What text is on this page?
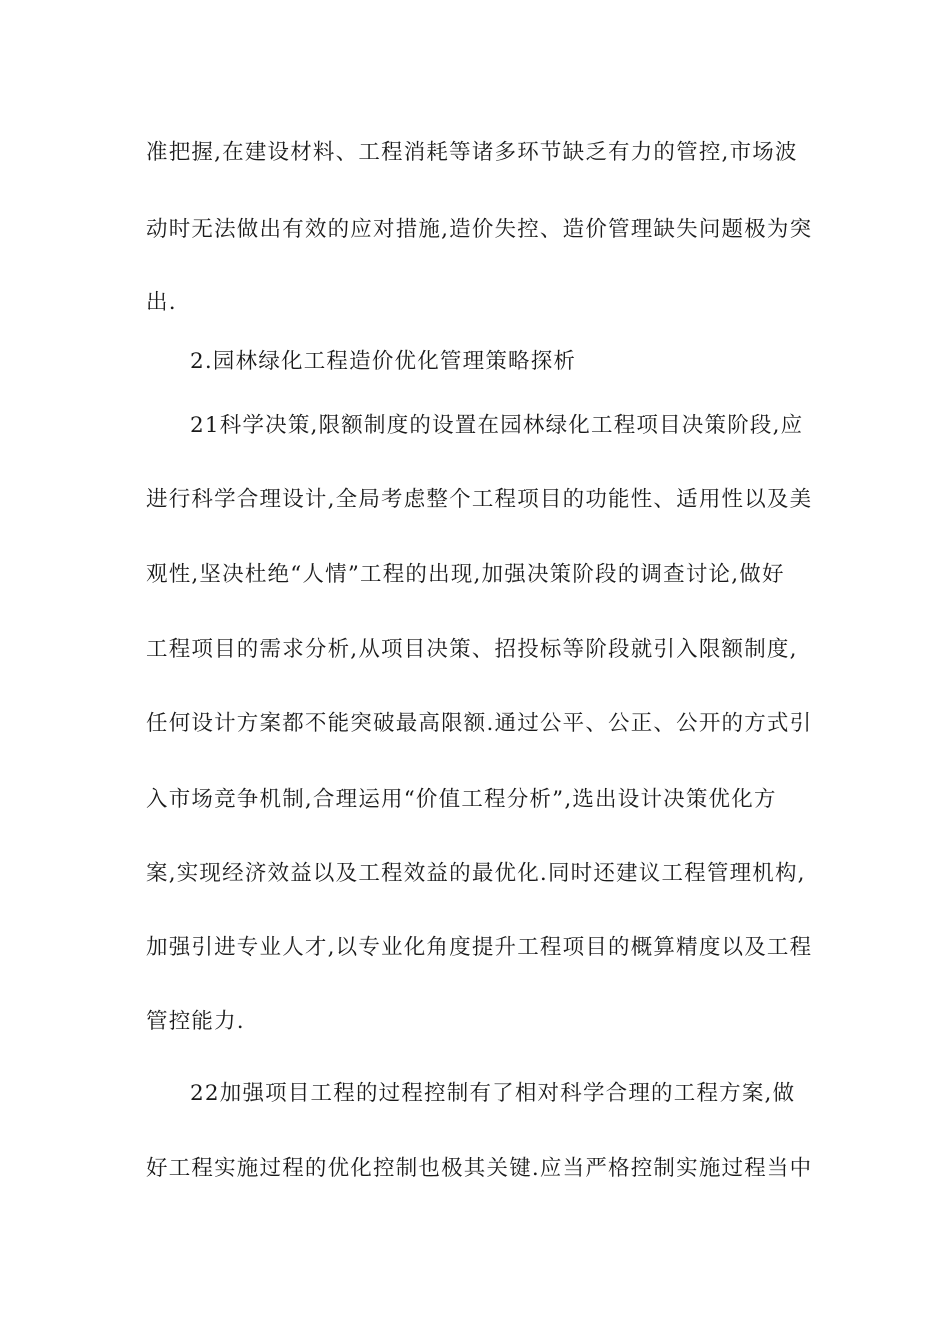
准把握,在建设材料、工程消耗等诸多环节缺乏有力的管控,市场波
动时无法做出有效的应对措施,造价失控、造价管理缺失问题极为突
出.
2.园林绿化工程造价优化管理策略探析
21科学决策,限额制度的设置在园林绿化工程项目决策阶段,应
进行科学合理设计,全局考虑整个工程项目的功能性、适用性以及美
观性,坚决杜绝“人情”工程的出现,加强决策阶段的调查讨论,做好
工程项目的需求分析,从项目决策、招投标等阶段就引入限额制度,
任何设计方案都不能突破最高限额.通过公平、公正、公开的方式引
入市场竞争机制,合理运用“价值工程分析”,选出设计决策优化方
案,实现经济效益以及工程效益的最优化.同时还建议工程管理机构,
加强引进专业人才,以专业化角度提升工程项目的概算精度以及工程
管控能力.
22加强项目工程的过程控制有了相对科学合理的工程方案,做
好工程实施过程的优化控制也极其关键.应当严格控制实施过程当中
